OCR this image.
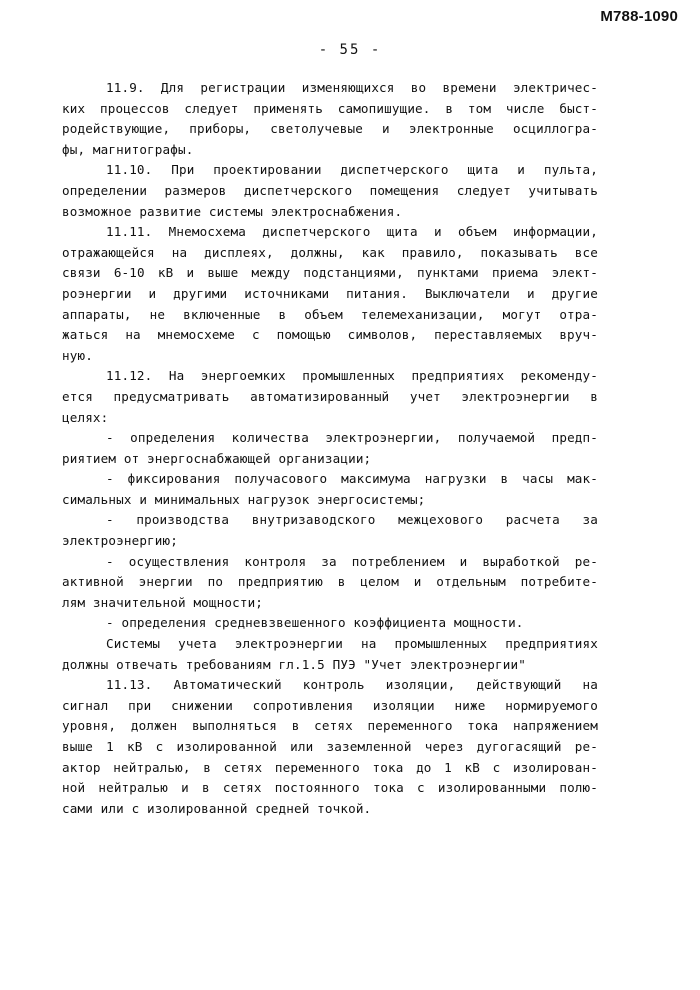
M788-1090
- 55 -
11.9. Для регистрации изменяющихся во времени электричес-
ких процессов следует применять самопишущие. в том числе быст-
родействующие, приборы, светолучевые и электронные осциллогра-
фы, магнитографы.
11.10. При проектировании диспетчерского щита и пульта,
определении размеров диспетчерского помещения следует учитывать
возможное развитие системы электроснабжения.
11.11. Мнемосхема диспетчерского щита и объем информации,
отражающейся на дисплеях, должны, как правило, показывать все
связи 6-10 кВ и выше между подстанциями, пунктами приема элект-
роэнергии и другими источниками питания. Выключатели и другие
аппараты, не включенные в объем телемеханизации, могут отра-
жаться на мнемосхеме с помощью символов, переставляемых вруч-
ную.
11.12. На энергоемких промышленных предприятиях рекоменду-
ется предусматривать автоматизированный учет электроэнергии в
целях:
- определения количества электроэнергии, получаемой предп-
риятием от энергоснабжающей организации;
- фиксирования получасового максимума нагрузки в часы мак-
симальных и минимальных нагрузок энергосистемы;
- производства внутризаводского межцехового расчета за
электроэнергию;
- осуществления контроля за потреблением и выработкой ре-
активной энергии по предприятию в целом и отдельным потребите-
лям значительной мощности;
- определения средневзвешенного коэффициента мощности.
Системы учета электроэнергии на промышленных предприятиях
должны отвечать требованиям гл.1.5 ПУЭ "Учет электроэнергии"
11.13. Автоматический контроль изоляции, действующий на
сигнал при снижении сопротивления изоляции ниже нормируемого
уровня, должен выполняться в сетях переменного тока напряжением
выше 1 кВ с изолированной или заземленной через дугогасящий ре-
актор нейтралью, в сетях переменного тока до 1 кВ с изолирован-
ной нейтралью и в сетях постоянного тока с изолированными полю-
сами или с изолированной средней точкой.
